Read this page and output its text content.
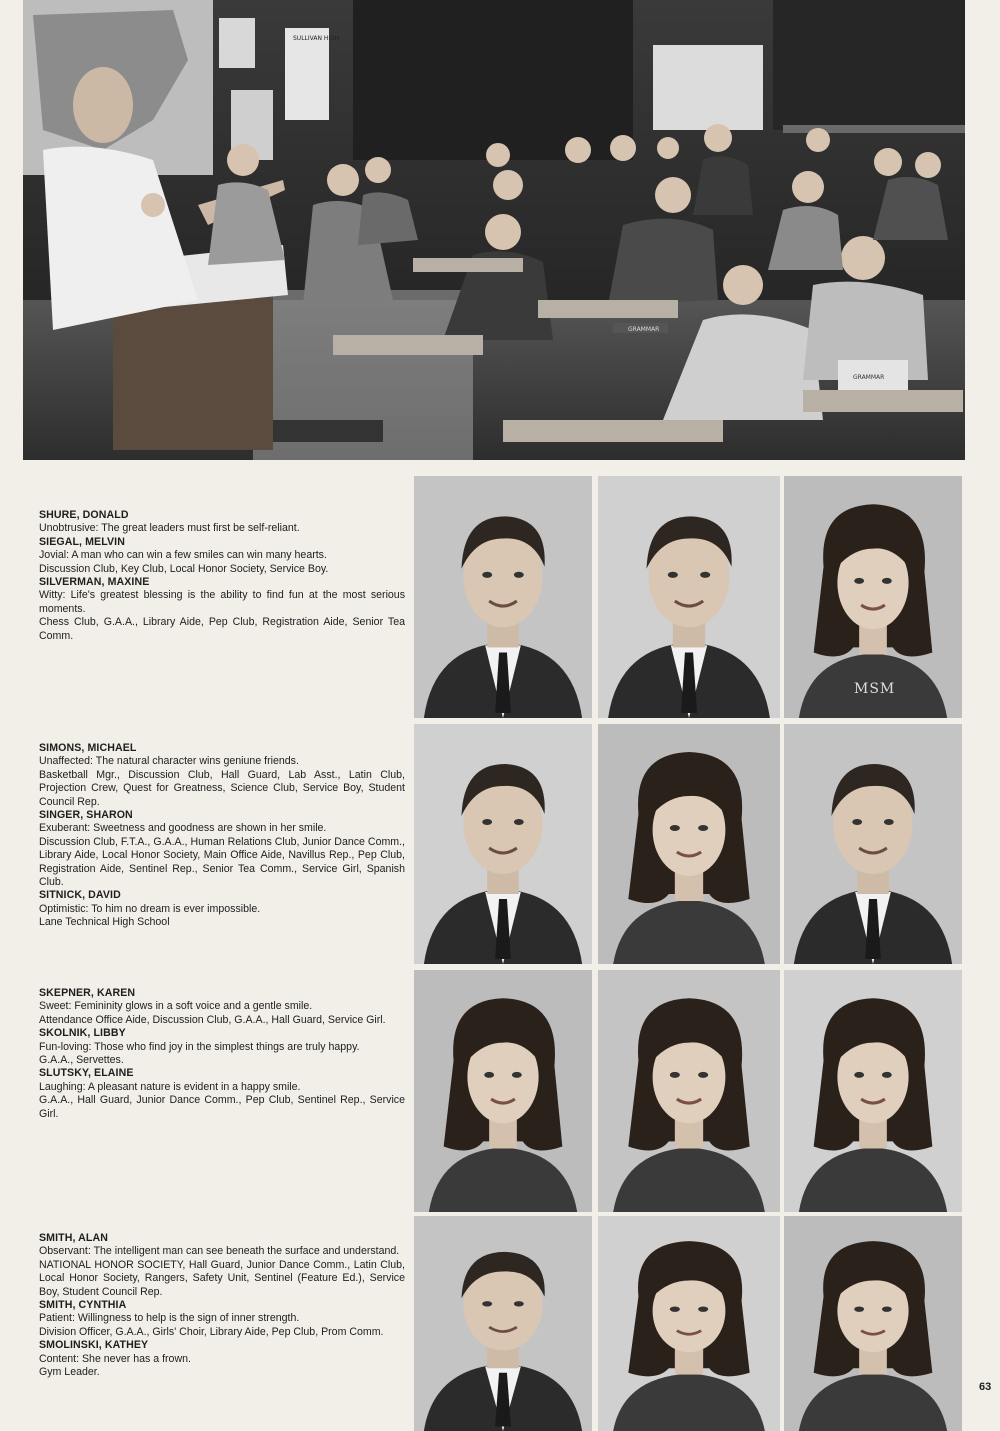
SULLIVAN HIGH
GRAMMAR
GRAMMAR
SHURE, DONALD
Unobtrusive: The great leaders must first be self-reliant.
SIEGAL, MELVIN
Jovial: A man who can win a few smiles can win many hearts.
Discussion Club, Key Club, Local Honor Society, Service Boy.
SILVERMAN, MAXINE
Witty: Life's greatest blessing is the ability to find fun at the most serious moments.
Chess Club, G.A.A., Library Aide, Pep Club, Registration Aide, Senior Tea Comm.
SIMONS, MICHAEL
Unaffected: The natural character wins geniune friends.
Basketball Mgr., Discussion Club, Hall Guard, Lab Asst., Latin Club, Projection Crew, Quest for Greatness, Science Club, Service Boy, Student Council Rep.
SINGER, SHARON
Exuberant: Sweetness and goodness are shown in her smile.
Discussion Club, F.T.A., G.A.A., Human Relations Club, Junior Dance Comm., Library Aide, Local Honor Society, Main Office Aide, Navillus Rep., Pep Club, Registration Aide, Sentinel Rep., Senior Tea Comm., Service Girl, Spanish Club.
SITNICK, DAVID
Optimistic: To him no dream is ever impossible.
Lane Technical High School
SKEPNER, KAREN
Sweet: Femininity glows in a soft voice and a gentle smile.
Attendance Office Aide, Discussion Club, G.A.A., Hall Guard, Service Girl.
SKOLNIK, LIBBY
Fun-loving: Those who find joy in the simplest things are truly happy.
G.A.A., Servettes.
SLUTSKY, ELAINE
Laughing: A pleasant nature is evident in a happy smile.
G.A.A., Hall Guard, Junior Dance Comm., Pep Club, Sentinel Rep., Service Girl.
SMITH, ALAN
Observant: The intelligent man can see beneath the surface and understand.
NATIONAL HONOR SOCIETY, Hall Guard, Junior Dance Comm., Latin Club, Local Honor Society, Rangers, Safety Unit, Sentinel (Feature Ed.), Service Boy, Student Council Rep.
SMITH, CYNTHIA
Patient: Willingness to help is the sign of inner strength.
Division Officer, G.A.A., Girls' Choir, Library Aide, Pep Club, Prom Comm.
SMOLINSKI, KATHEY
Content: She never has a frown.
Gym Leader.
MSM
63
